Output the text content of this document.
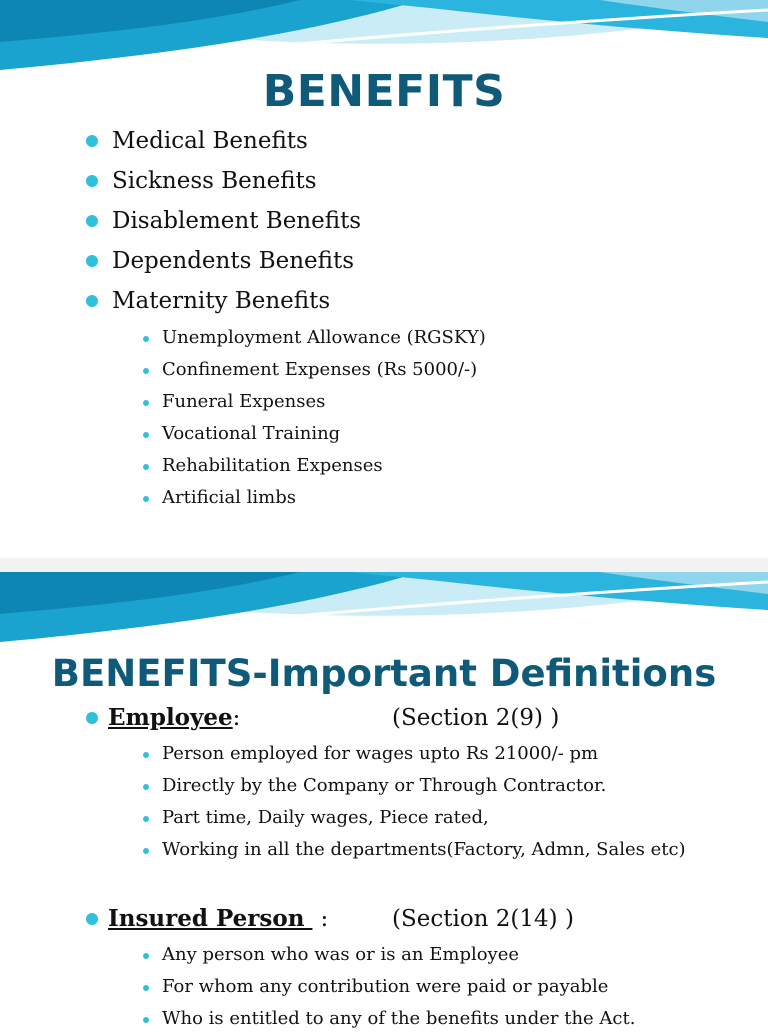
BENEFITS
Medical Benefits
Sickness Benefits
Disablement Benefits
Dependents Benefits
Maternity Benefits
Unemployment Allowance (RGSKY)
Confinement Expenses (Rs 5000/-)
Funeral Expenses
Vocational Training
Rehabilitation Expenses
Artificial limbs
BENEFITS-Important Definitions
Employee:	(Section 2(9) )
Person employed for wages upto Rs 21000/- pm
Directly by the Company or Through Contractor.
Part time, Daily wages, Piece rated,
Working in all the departments(Factory, Admn, Sales etc)
Insured Person :	(Section 2(14) )
Any person who was or is an Employee
For whom any contribution were paid or payable
Who is entitled to any of the benefits under the Act.
